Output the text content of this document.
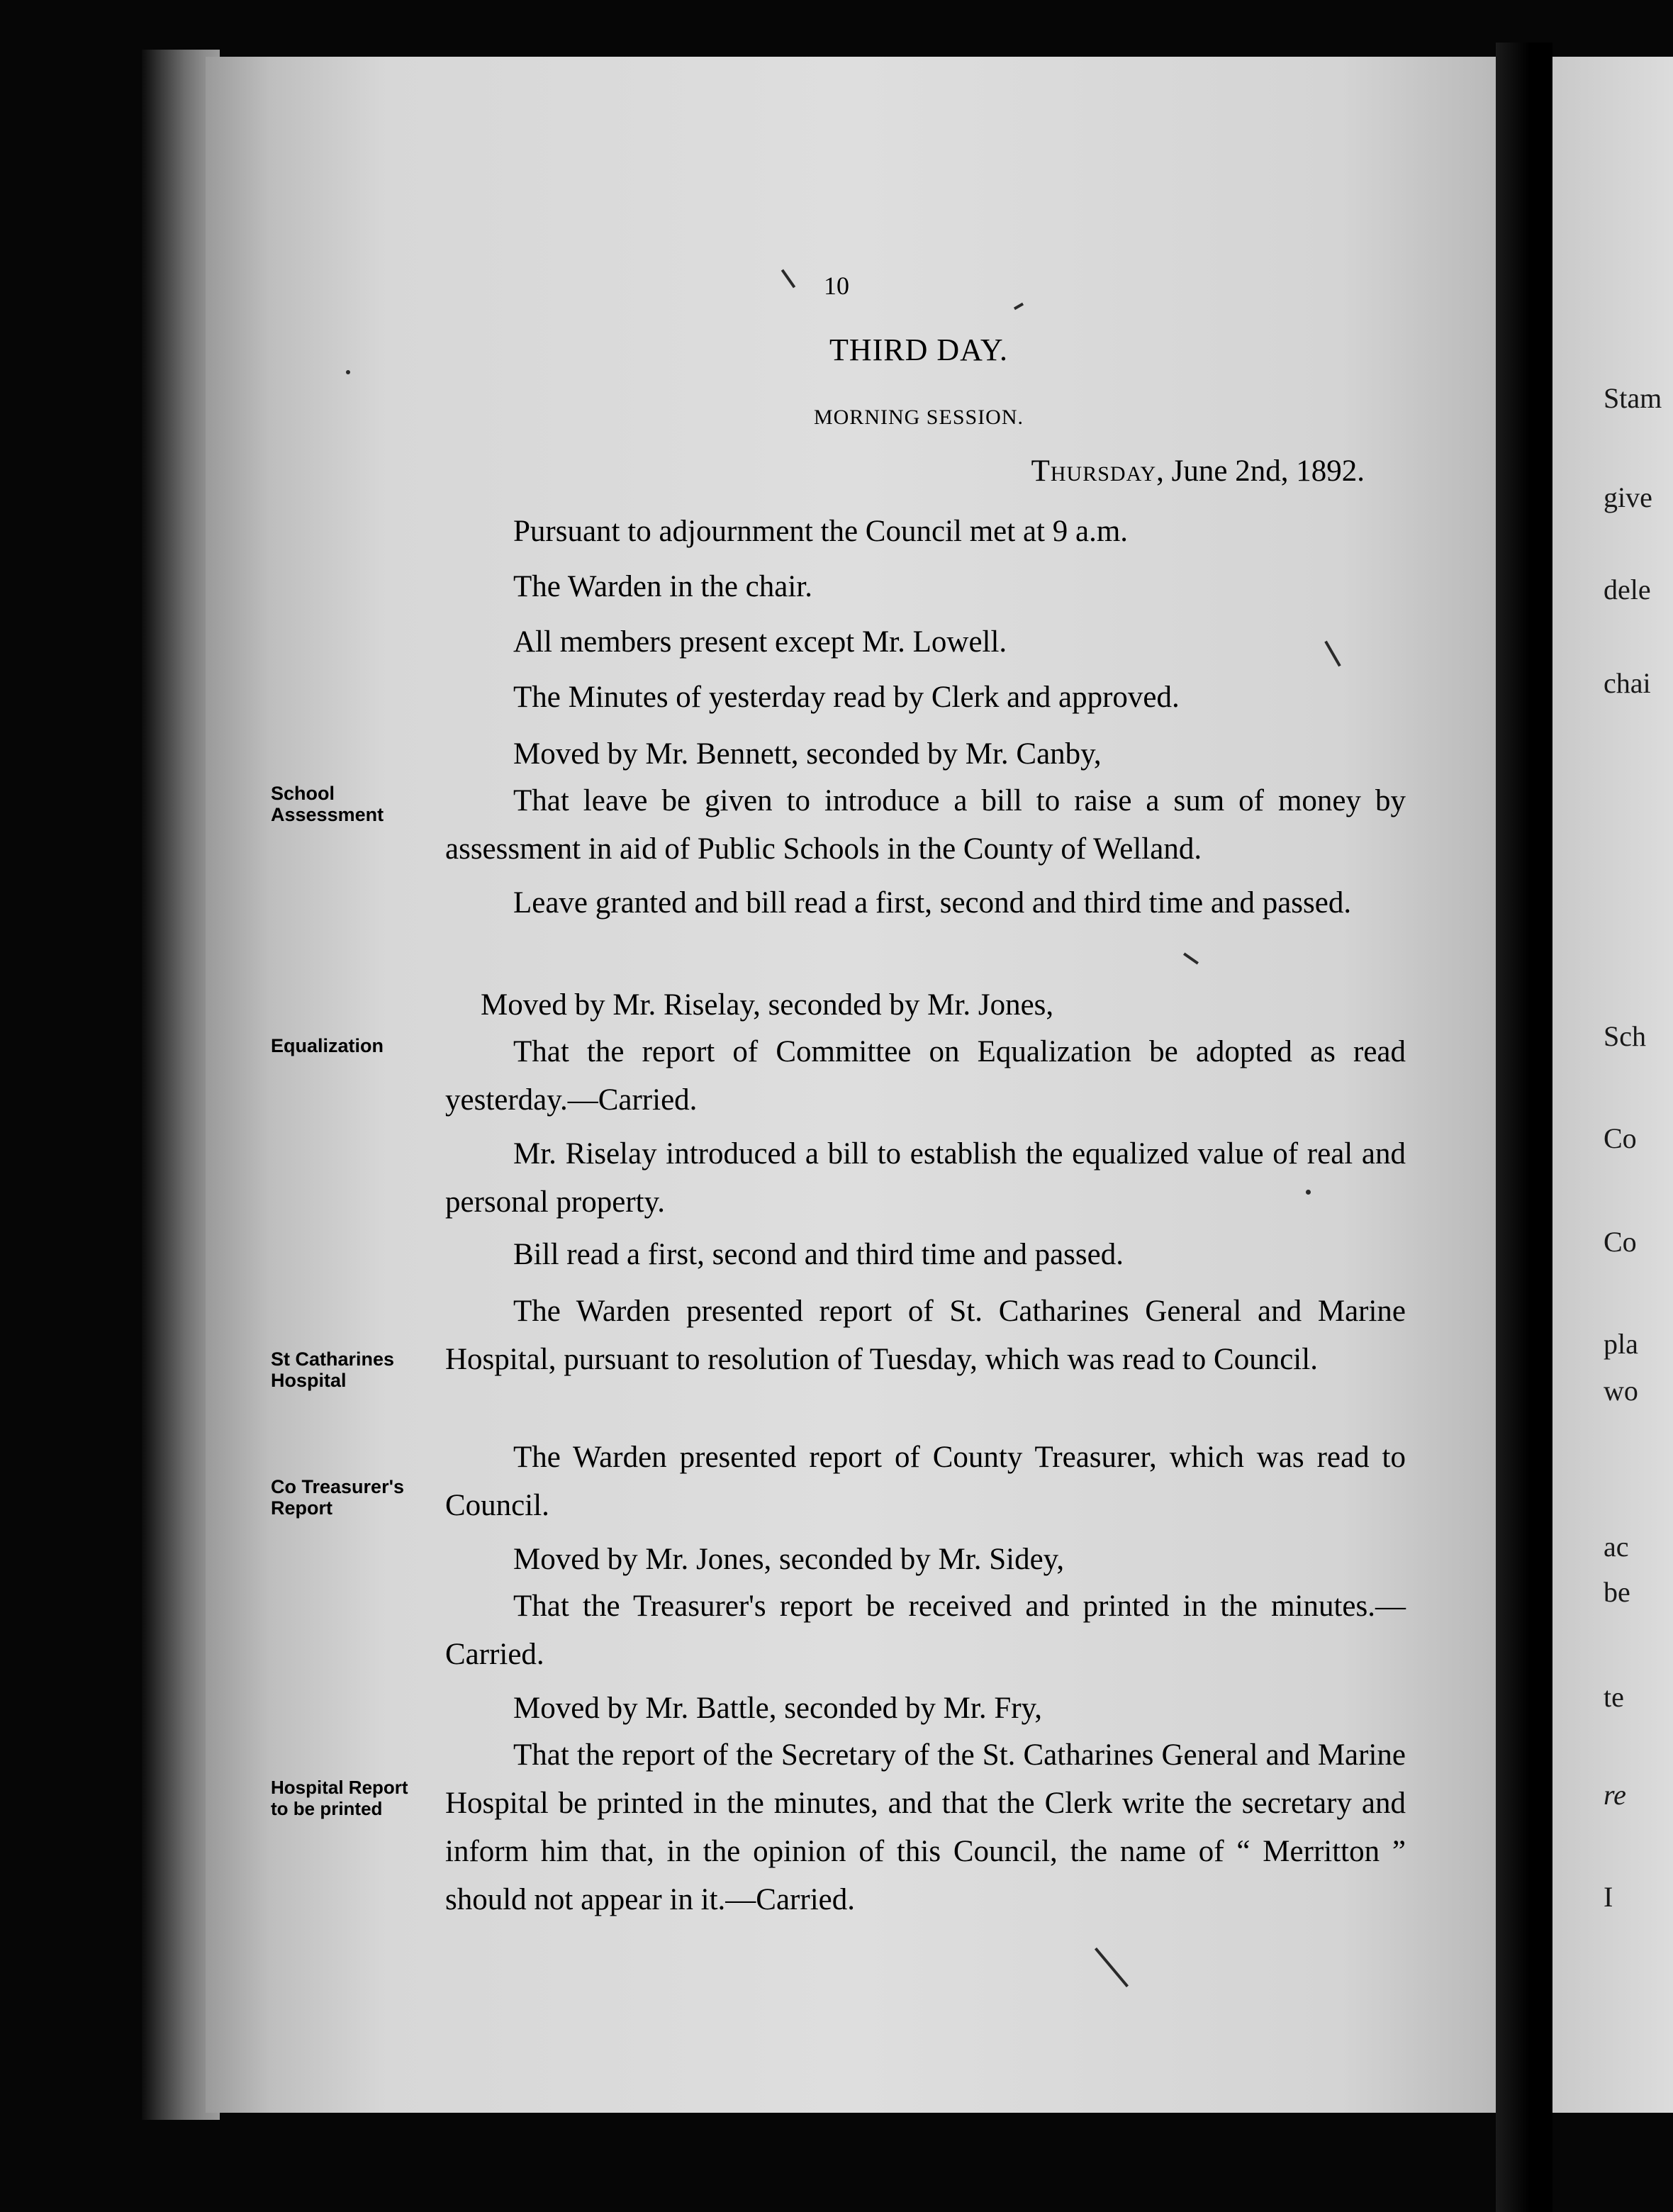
Stam
give
dele
chai
Sch
Co
Co
pla
wo
ac
be
te
re
I
10
THIRD DAY.
MORNING SESSION.
Thursday, June 2nd, 1892.
School
Assessment
Equalization
St Catharines
Hospital
Co Treasurer's
Report
Hospital Report
to be printed
Pursuant to adjournment the Council met at 9 a.m.
The Warden in the chair.
All members present except Mr. Lowell.
The Minutes of yesterday read by Clerk and approved.
Moved by Mr. Bennett, seconded by Mr. Canby,
That leave be given to introduce a bill to raise a sum of money by assessment in aid of Public Schools in the County of Welland.
Leave granted and bill read a first, second and third time and passed.
Moved by Mr. Riselay, seconded by Mr. Jones,
That the report of Committee on Equalization be adopted as read yesterday.—Carried.
Mr. Riselay introduced a bill to establish the equalized value of real and personal property.
Bill read a first, second and third time and passed.
The Warden presented report of St. Catharines General and Marine Hospital, pursuant to resolution of Tuesday, which was read to Council.
The Warden presented report of County Treasurer, which was read to Council.
Moved by Mr. Jones, seconded by Mr. Sidey,
That the Treasurer's report be received and printed in the minutes.—Carried.
Moved by Mr. Battle, seconded by Mr. Fry,
That the report of the Secretary of the St. Catharines General and Marine Hospital be printed in the minutes, and that the Clerk write the secretary and inform him that, in the opinion of this Council, the name of “ Merritton ” should not appear in it.—Carried.
